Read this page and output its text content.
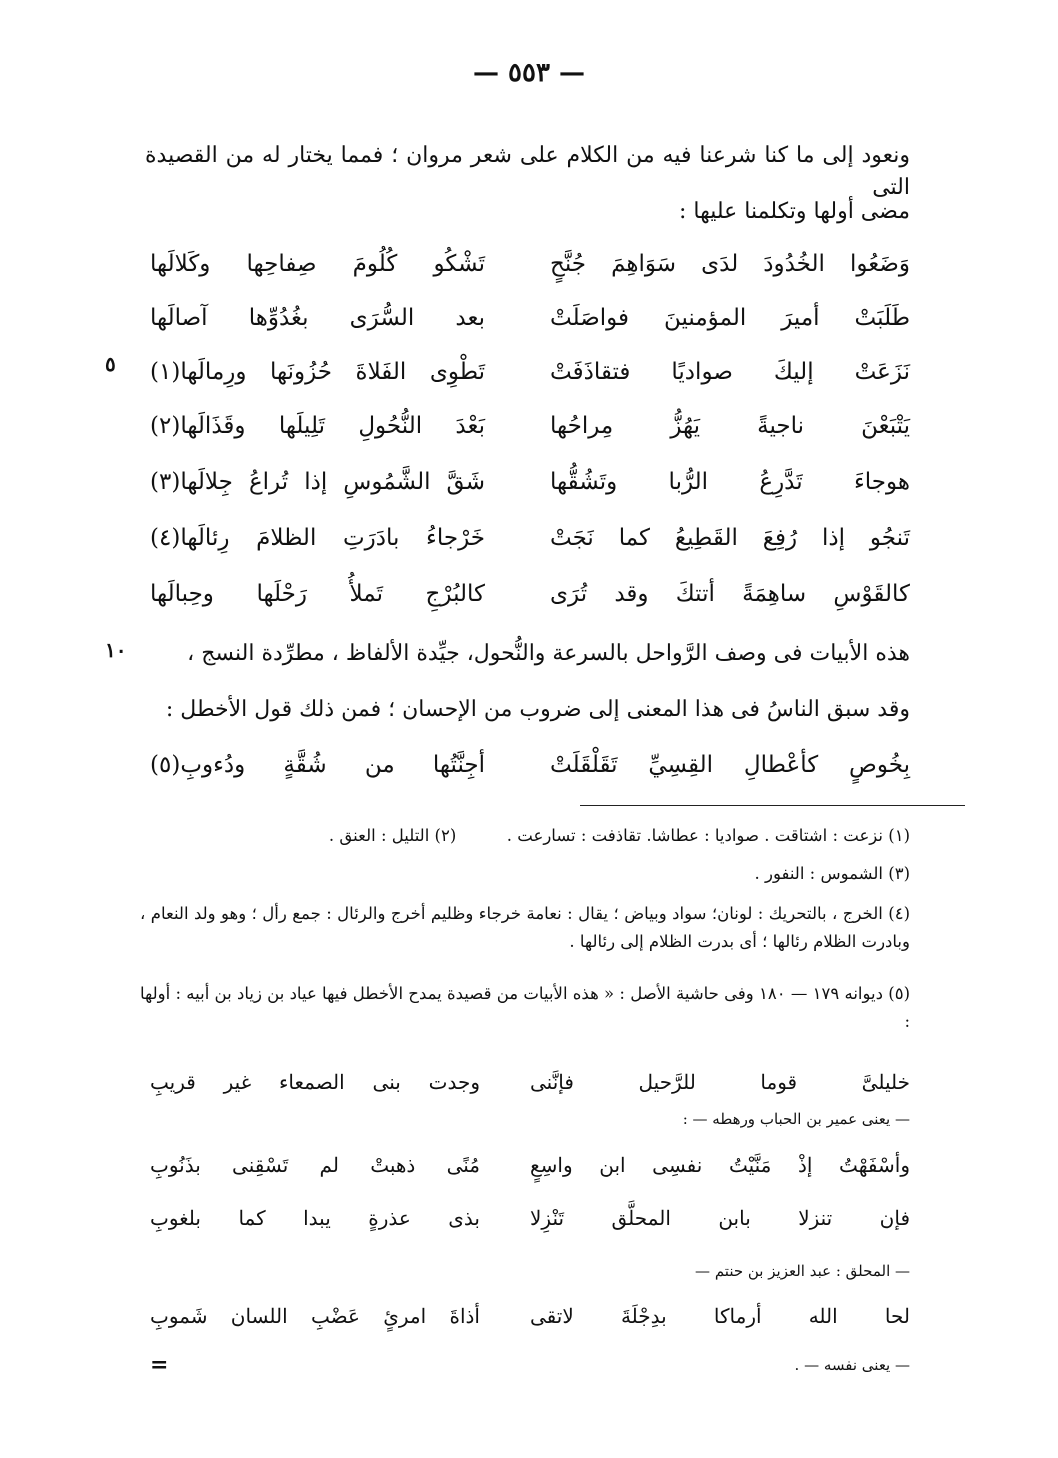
— ٥٥٣ —
ونعود إلى ما كنا شرعنا فيه من الكلام على شعر مروان ؛ فمما يختار له من القصيدة التى
مضى أولها وتكلمنا عليها :
وَضَعُوا الخُدُودَ لدَى سَوَاهِمَ جُنَّحٍ
تَشْكُو كُلُومَ صِفاحِها وكَلالَها
طَلَبَتْ أميرَ المؤمنينَ فواصَلَتْ
بعد السُّرَى بغُدُوِّها آصالَها
نَزَعَتْ إليكَ صواديًا فتقاذَفَتْ
تَطْوِى الفَلاةَ حُزُونَها ورِمالَها(١)
٥
يَتْبَعْنَ ناجيةً يَهُزُّ مِراحُها
بَعْدَ النُّحُولِ تَلِيلَها وقَذَالَها(٢)
هوجاءَ تَدَّرِعُ الرُّبا وتَشُقُّها
شَقَّ الشَّمُوسِ إذا تُراعُ جِلالَها(٣)
تَنجُو إذا رُفِعَ القَطِيعُ كما نَجَتْ
خَرْجاءُ بادَرَتِ الظلامَ رِئالَها(٤)
كالقَوْسِ ساهِمَةً أتتكَ وقد تُرَى
كالبُرْجِ تَملأُ رَحْلَها وحِبالَها
هذه الأبيات فى وصف الرَّواحل بالسرعة والنُّحول، جيِّدة الألفاظ ، مطرِّدة النسج ،
١٠
وقد سبق الناسُ فى هذا المعنى إلى ضروب من الإحسان ؛ فمن ذلك قول الأخطل :
بِخُوصٍ كأعْطالِ القِسِيِّ تَقَلْقَلَتْ
أجِنَّتُها من شُقَّةٍ ودُءوبِ(٥)
(١) نزعت : اشتاقت . صواديا : عطاشا. تقاذفت : تسارعت .  (٢) التليل : العنق .
(٣) الشموس : النفور .
(٤) الخرج ، بالتحريك : لونان؛ سواد وبياض ؛ يقال : نعامة خرجاء وظليم أخرج والرئال : جمع رأل ؛ وهو ولد النعام ، وبادرت الظلام رئالها ؛ أى بدرت الظلام إلى رئالها .
(٥) ديوانه ١٧٩ — ١٨٠ وفى حاشية الأصل : « هذه الأبيات من قصيدة يمدح الأخطل فيها عياد بن زياد بن أبيه : أولها :
خليلىَّ قوما للرَّحيل فإنَّنى
وجدت بنى الصمعاء غير قريبِ
— يعنى عمير بن الحباب ورهطه — :
وأسْفَهْتُ إذْ مَنَّيْتُ نفسِى ابن واسِعٍ
مُنًى ذهبتْ لم تَسْقِنى بذَنُوبِ
فإن تنزلا بابن المحلَّق تَنْزِلا
بذى عذرةٍ يبدا كما بلغوبِ
— المحلق : عبد العزيز بن حنتم —
لحا الله أرماكا بدِجْلَةَ لاتقى
أذاةَ امرئٍ عَضْبِ اللسان شَموبِ
— يعنى نفسه — .
=
